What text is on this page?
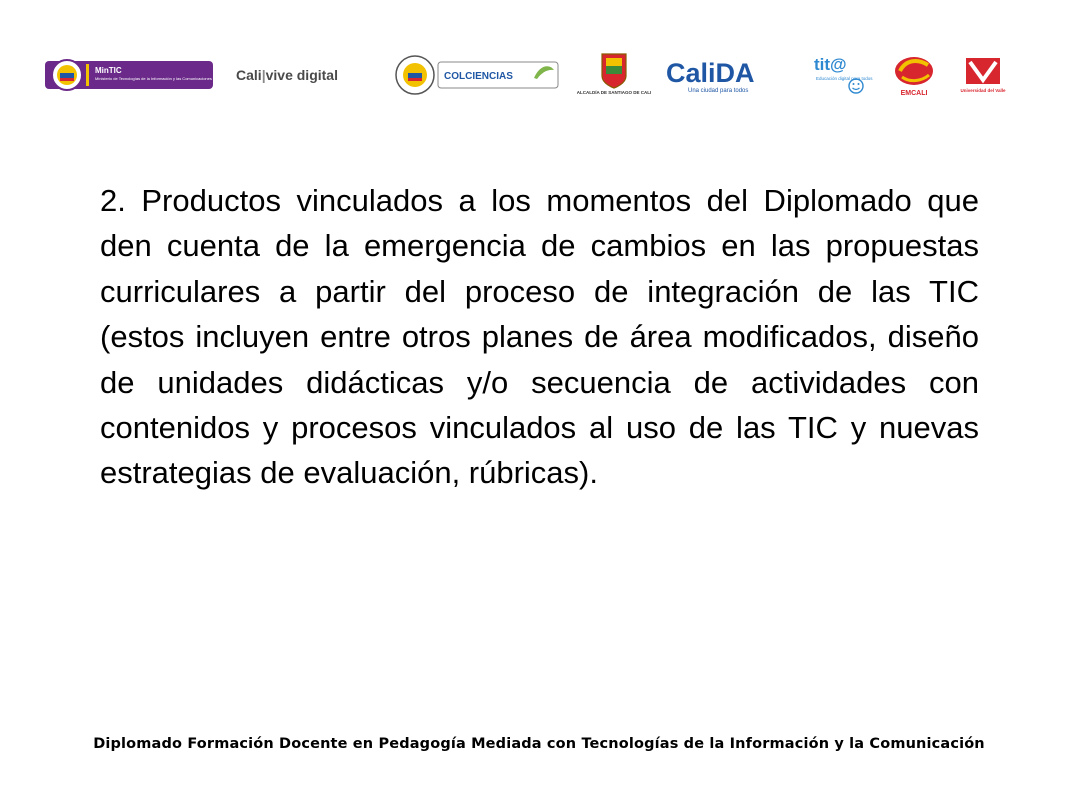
MinTIC
Ministerio de Tecnologías de la Información y las Comunicaciones Cali|vive digital	COLCIENCIAS
ALCALDÍA DE SANTIAGO DE CALI
CaliDA
Una ciudad para todos
tit@
Educación digital para todos
EMCALI	Universidad del Valle

2. Productos vinculados a los momentos del Diplomado que den cuenta de la emergencia de cambios en las propuestas curriculares a partir del proceso de integración de las TIC (estos incluyen entre otros planes de área modificados, diseño de unidades didácticas y/o secuencia de actividades con contenidos y procesos vinculados al uso de las TIC y nuevas estrategias de evaluación, rúbricas).

Diplomado Formación Docente en Pedagogía Mediada con Tecnologías de la Información y la Comunicación
